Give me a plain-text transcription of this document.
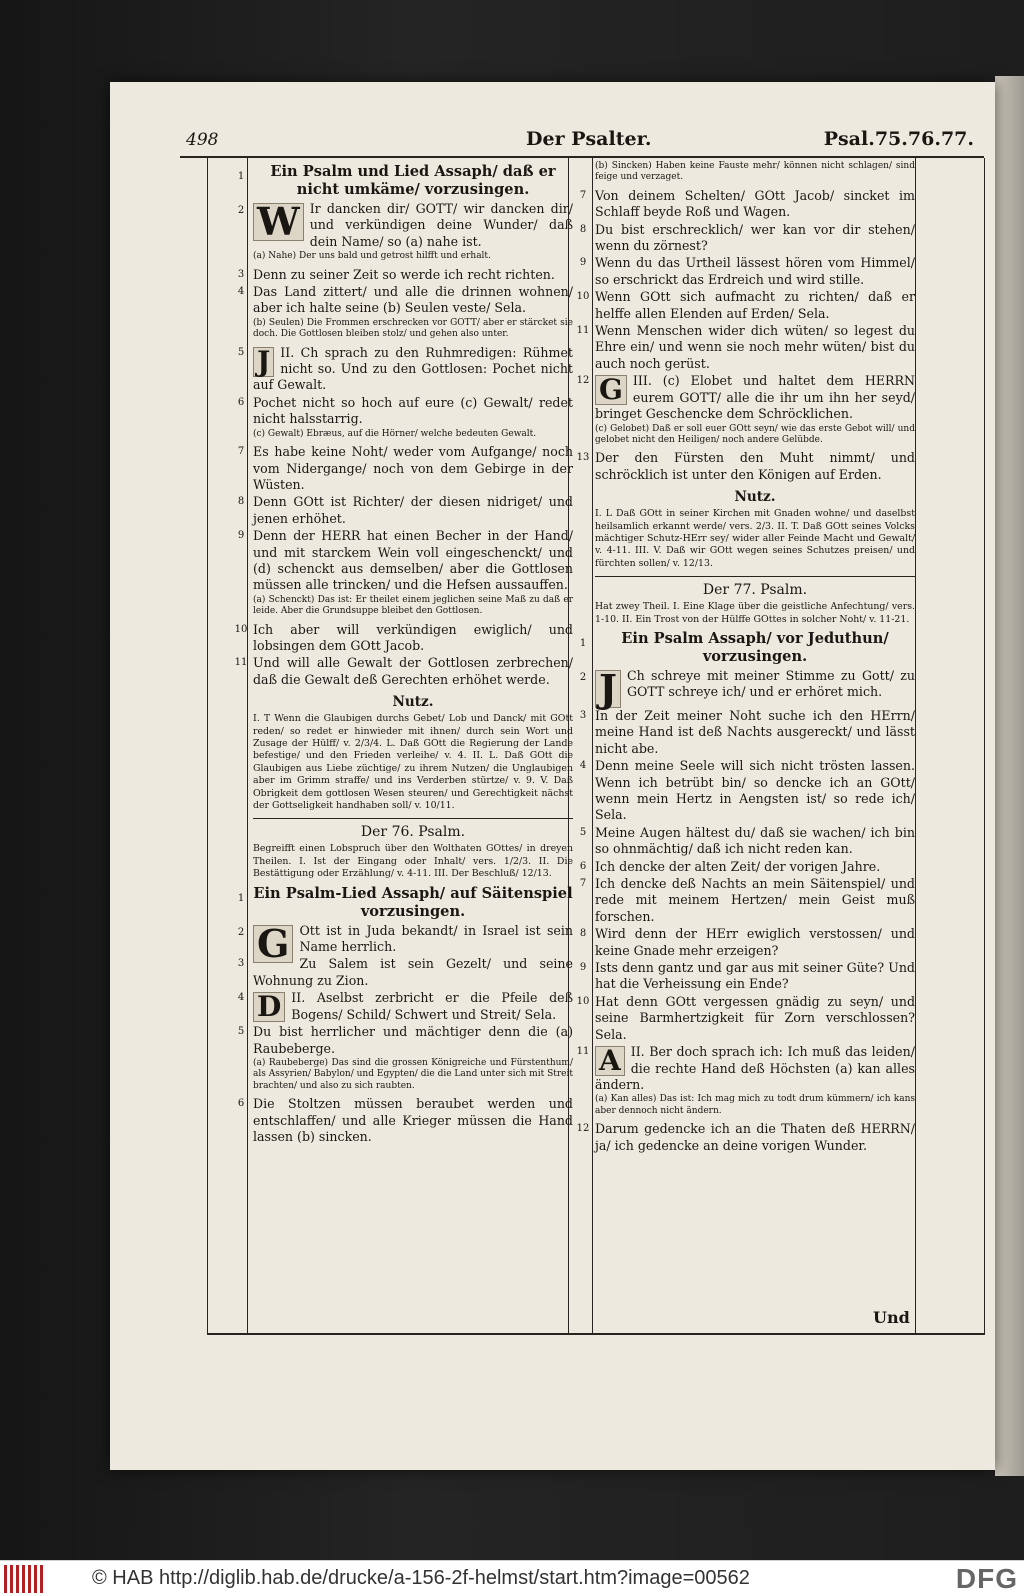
498	Der Psalter.	Psal.75.76.77.
1	Ein Psalm und Lied Assaph/ daß er nicht umkäme/ vorzusingen.
2 W Ir dancken dir/ GOTT/ wir dancken dir/ und verkündigen deine Wunder/ daß dein Name/ so (a) nahe ist.
(a) Nahe) Der uns bald und getrost hilfft und erhalt.
3 Denn zu seiner Zeit so werde ich recht richten.
4 Das Land zittert/ und alle die drinnen wohnen/ aber ich halte seine (b) Seulen veste/ Sela.
(b) Seulen) Die Frommen erschrecken vor GOTT/ aber er stärcket sie doch. Die Gottlosen bleiben stolz/ und gehen also unter.
5 J II. Ch sprach zu den Ruhmredigen: Rühmet nicht so. Und zu den Gottlosen: Pochet nicht auf Gewalt.
6 Pochet nicht so hoch auf eure (c) Gewalt/ redet nicht halsstarrig.
(c) Gewalt) Ebræus, auf die Hörner/ welche bedeuten Gewalt.
7 Es habe keine Noht/ weder vom Aufgange/ noch vom Nidergange/ noch von dem Gebirge in der Wüsten.
8 Denn GOtt ist Richter/ der diesen nidriget/ und jenen erhöhet.
9 Denn der HERR hat einen Becher in der Hand/ und mit starckem Wein voll eingeschenckt/ und (d) schenckt aus demselben/ aber die Gottlosen müssen alle trincken/ und die Hefsen aussauffen.
(a) Schenckt) Das ist: Er theilet einem jeglichen seine Maß zu daß er leide. Aber die Grundsuppe bleibet den Gottlosen.
10 Ich aber will verkündigen ewiglich/ und lobsingen dem GOtt Jacob.
11 Und will alle Gewalt der Gottlosen zerbrechen/ daß die Gewalt deß Gerechten erhöhet werde.
Nutz.
I. T Wenn die Glaubigen durchs Gebet/ Lob und Danck/ mit GOtt reden/ so redet er hinwieder mit ihnen/ durch sein Wort und Zusage der Hülff/ v. 2/3/4. L. Daß GOtt die Regierung der Lande befestige/ und den Frieden verleihe/ v. 4. II. L. Daß GOtt die Glaubigen aus Liebe züchtige/ zu ihrem Nutzen/ die Unglaubigen aber im Grimm straffe/ und ins Verderben stürtze/ v. 9. V. Daß Obrigkeit dem gottlosen Wesen steuren/ und Gerechtigkeit nächst der Gottseligkeit handhaben soll/ v. 10/11.
Der 76. Psalm.
Begreifft einen Lobspruch über den Wolthaten GOttes/ in dreyen Theilen. I. Ist der Eingang oder Inhalt/ vers. 1/2/3. II. Die Bestättigung oder Erzählung/ v. 4-11. III. Der Beschluß/ 12/13.
1 Ein Psalm-Lied Assaph/ auf Säitenspiel vorzusingen.
2 G Ott ist in Juda bekandt/ in Israel ist sein Name herrlich.
3	Zu Salem ist sein Gezelt/ und seine Wohnung zu Zion.
4 D II. Aselbst zerbricht er die Pfeile deß Bogens/ Schild/ Schwert und Streit/ Sela.
5 Du bist herrlicher und mächtiger denn die (a) Raubeberge.
(a) Raubeberge) Das sind die grossen Königreiche und Fürstenthum/ als Assyrien/ Babylon/ und Egypten/ die die Land unter sich mit Streit brachten/ und also zu sich raubten.
6 Die Stoltzen müssen beraubet werden und entschlaffen/ und alle Krieger müssen die Hand lassen (b) sincken.
(b) Sincken) Haben keine Fauste mehr/ können nicht schlagen/ sind feige und verzaget.
7 Von deinem Schelten/ GOtt Jacob/ sincket im Schlaff beyde Roß und Wagen.
8 Du bist erschrecklich/ wer kan vor dir stehen/ wenn du zörnest?
9 Wenn du das Urtheil lässest hören vom Himmel/ so erschrickt das Erdreich und wird stille.
10 Wenn GOtt sich aufmacht zu richten/ daß er helffe allen Elenden auf Erden/ Sela.
11 Wenn Menschen wider dich wüten/ so legest du Ehre ein/ und wenn sie noch mehr wüten/ bist du auch noch gerüst.
12 G III. (c) Elobet und haltet dem HERRN eurem GOTT/ alle die ihr um ihn her seyd/ bringet Geschencke dem Schröcklichen.
(c) Gelobet) Daß er soll euer GOtt seyn/ wie das erste Gebot will/ und gelobet nicht den Heiligen/ noch andere Gelübde.
13 Der den Fürsten den Muht nimmt/ und schröcklich ist unter den Königen auf Erden.
Nutz.
I. L Daß GOtt in seiner Kirchen mit Gnaden wohne/ und daselbst heilsamlich erkannt werde/ vers. 2/3. II. T. Daß GOtt seines Volcks mächtiger Schutz-HErr sey/ wider aller Feinde Macht und Gewalt/ v. 4-11. III. V. Daß wir GOtt wegen seines Schutzes preisen/ und fürchten sollen/ v. 12/13.
Der 77. Psalm.
Hat zwey Theil. I. Eine Klage über die geistliche Anfechtung/ vers. 1-10. II. Ein Trost von der Hülffe GOttes in solcher Noht/ v. 11-21.
1	Ein Psalm Assaph/ vor Jeduthun/ vorzusingen.
2 J Ch schreye mit meiner Stimme zu Gott/ zu GOTT schreye ich/ und er erhöret mich.
3 In der Zeit meiner Noht suche ich den HErrn/ meine Hand ist deß Nachts ausgereckt/ und lässt nicht abe.
4 Denn meine Seele will sich nicht trösten lassen. Wenn ich betrübt bin/ so dencke ich an GOtt/ wenn mein Hertz in Aengsten ist/ so rede ich/ Sela.
5 Meine Augen hältest du/ daß sie wachen/ ich bin so ohnmächtig/ daß ich nicht reden kan.
6 Ich dencke der alten Zeit/ der vorigen Jahre.
7 Ich dencke deß Nachts an mein Säitenspiel/ und rede mit meinem Hertzen/ mein Geist muß forschen.
8 Wird denn der HErr ewiglich verstossen/ und keine Gnade mehr erzeigen?
9 Ists denn gantz und gar aus mit seiner Güte? Und hat die Verheissung ein Ende?
10 Hat denn GOtt vergessen gnädig zu seyn/ und seine Barmhertzigkeit für Zorn verschlossen? Sela.
11 A II. Ber doch sprach ich: Ich muß das leiden/ die rechte Hand deß Höchsten (a) kan alles ändern.
(a) Kan alles) Das ist: Ich mag mich zu todt drum kümmern/ ich kans aber dennoch nicht ändern.
12 Darum gedencke ich an die Thaten deß HERRN/ ja/ ich gedencke an deine vorigen Wunder.
Und
© HAB http://diglib.hab.de/drucke/a-156-2f-helmst/start.htm?image=00562	DFG
